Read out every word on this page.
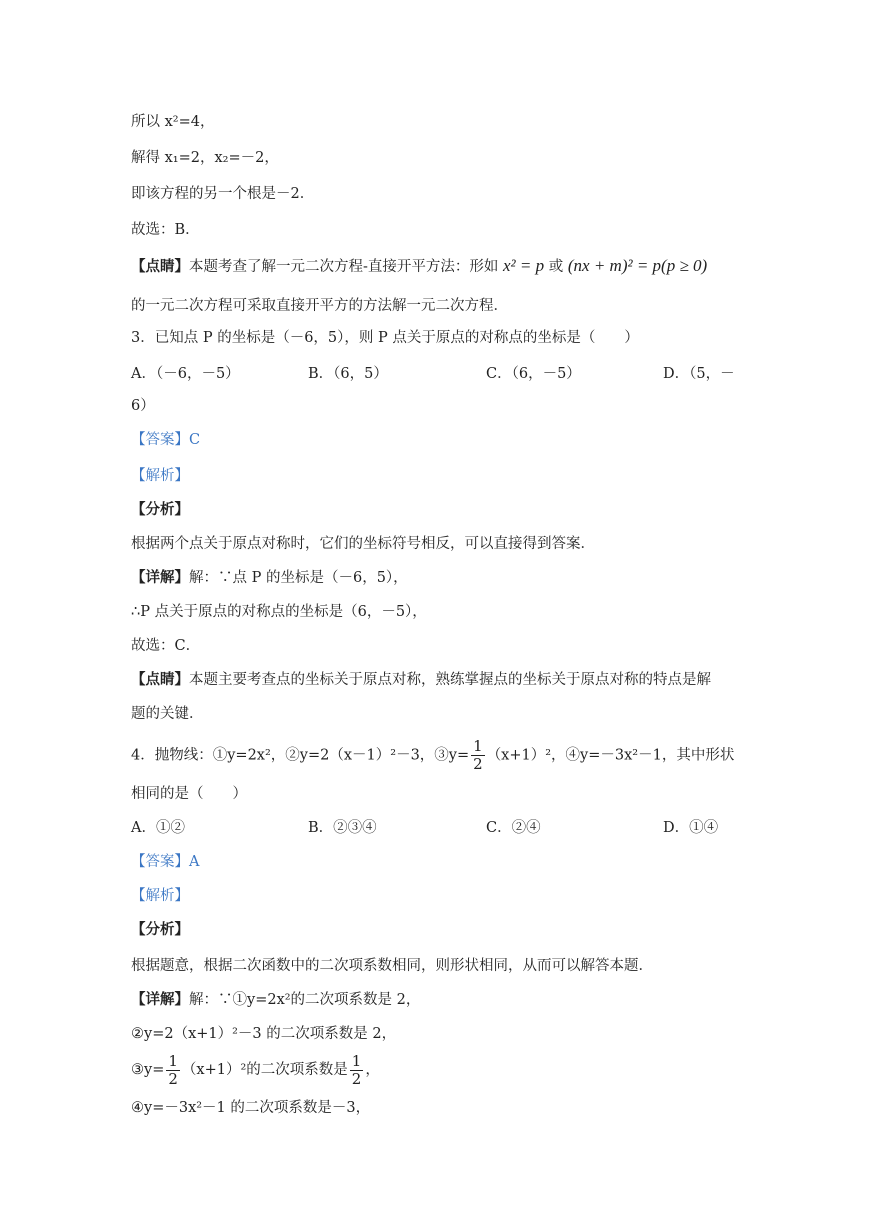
所以 x²=4，
解得 x₁=2，x₂=－2，
即该方程的另一个根是－2．
故选：B．
【点睛】本题考查了解一元二次方程-直接开平方法：形如 x² = p 或 (nx + m)² = p(p ≥ 0)
的一元二次方程可采取直接开平方的方法解一元二次方程．
3．已知点 P 的坐标是（－6，5），则 P 点关于原点的对称点的坐标是（　　）
A．（－6，－5）	B．（6，5）	C．（6，－5）	D．（5，－
6）
【答案】C
【解析】
【分析】
根据两个点关于原点对称时，它们的坐标符号相反，可以直接得到答案．
【详解】解：∵点 P 的坐标是（－6，5），
∴P 点关于原点的对称点的坐标是（6，－5），
故选：C．
【点睛】本题主要考查点的坐标关于原点对称，熟练掌握点的坐标关于原点对称的特点是解
题的关键．
4．抛物线：①y=2x²，②y=2（x－1）²－3，③y= $\frac{1}{2} (x+1)^2$，④y=－3x²－1，其中形状
相同的是（　　）
A．①②	B．②③④	C．②④	D．①④
【答案】A
【解析】
【分析】
根据题意，根据二次函数中的二次项系数相同，则形状相同，从而可以解答本题．
【详解】解：∵①y=2x²的二次项系数是 2，
②y=2（x+1）²－3 的二次项系数是 2，
③y= $\frac{1}{2} (x+1)^2$的二次项系数是 $\frac{1}{2}$ ，
④y=－3x²－1 的二次项系数是－3，
